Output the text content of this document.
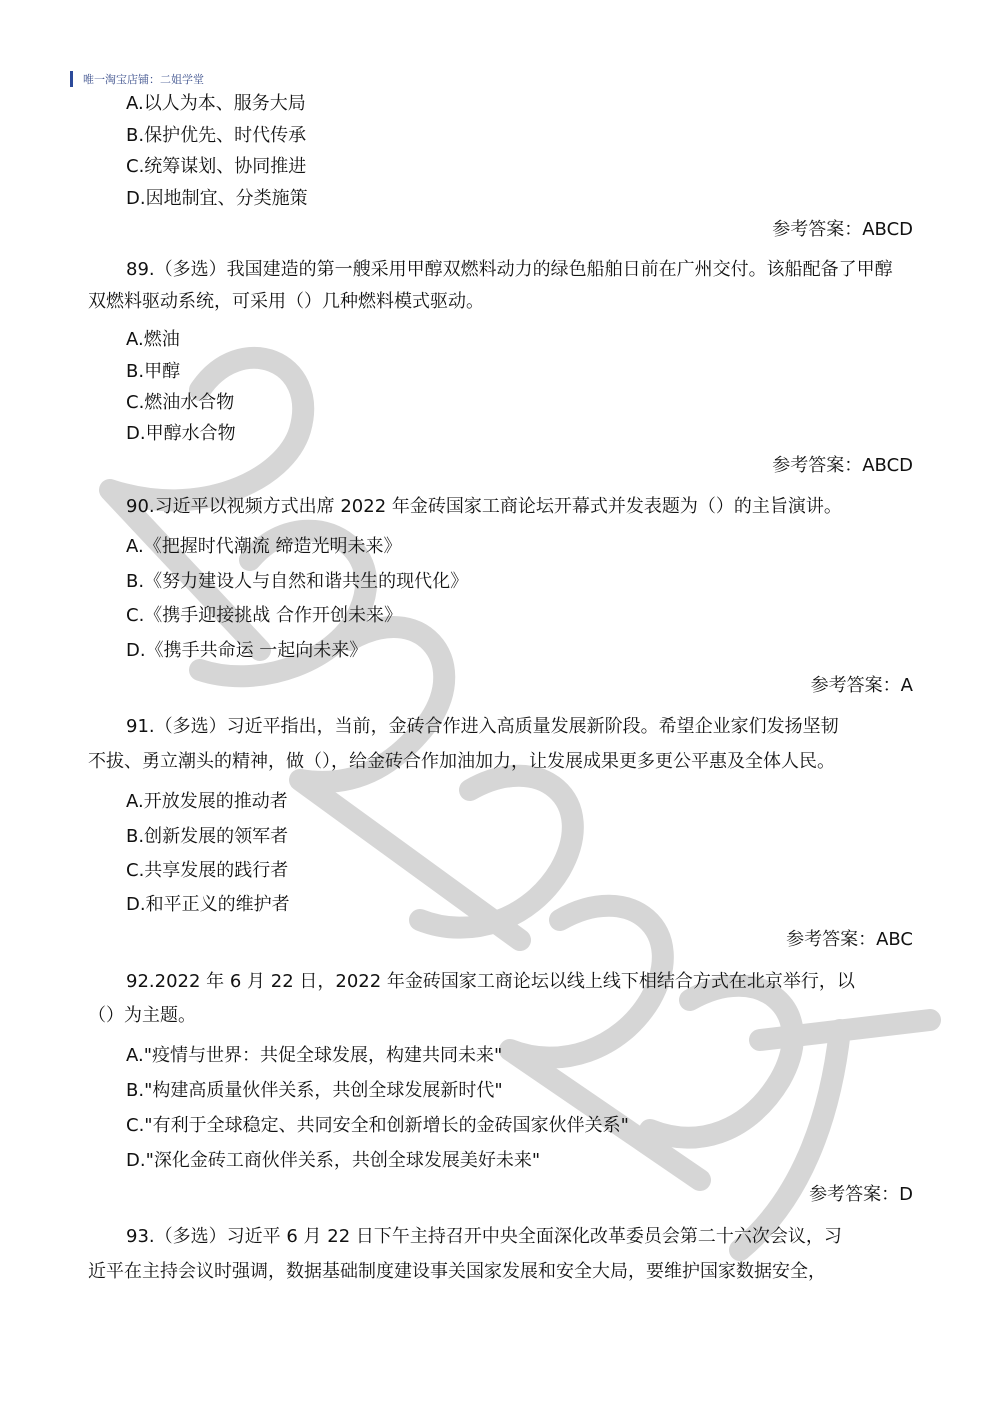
唯一淘宝店铺：二姐学堂
A.以人为本、服务大局
B.保护优先、时代传承
C.统筹谋划、协同推进
D.因地制宜、分类施策
参考答案：ABCD
89.（多选）我国建造的第一艘采用甲醇双燃料动力的绿色船舶日前在广州交付。该船配备了甲醇
双燃料驱动系统，可采用（）几种燃料模式驱动。
A.燃油
B.甲醇
C.燃油水合物
D.甲醇水合物
参考答案：ABCD
90.习近平以视频方式出席 2022 年金砖国家工商论坛开幕式并发表题为（）的主旨演讲。
A.《把握时代潮流 缔造光明未来》
B.《努力建设人与自然和谐共生的现代化》
C.《携手迎接挑战 合作开创未来》
D.《携手共命运 一起向未来》
参考答案：A
91.（多选）习近平指出，当前，金砖合作进入高质量发展新阶段。希望企业家们发扬坚韧
不拔、勇立潮头的精神，做（），给金砖合作加油加力，让发展成果更多更公平惠及全体人民。
A.开放发展的推动者
B.创新发展的领军者
C.共享发展的践行者
D.和平正义的维护者
参考答案：ABC
92.2022 年 6 月 22 日，2022 年金砖国家工商论坛以线上线下相结合方式在北京举行，以
（）为主题。
A."疫情与世界：共促全球发展，构建共同未来"
B."构建高质量伙伴关系，共创全球发展新时代"
C."有利于全球稳定、共同安全和创新增长的金砖国家伙伴关系"
D."深化金砖工商伙伴关系，共创全球发展美好未来"
参考答案：D
93.（多选）习近平 6 月 22 日下午主持召开中央全面深化改革委员会第二十六次会议，习
近平在主持会议时强调，数据基础制度建设事关国家发展和安全大局，要维护国家数据安全，
